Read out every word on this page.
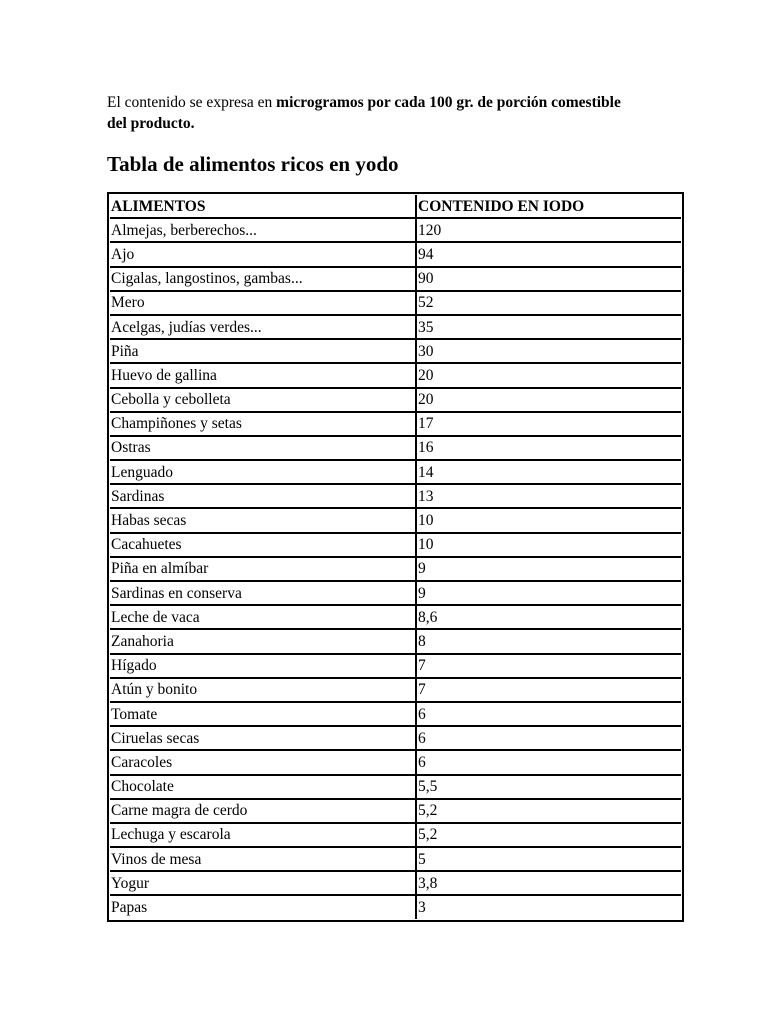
El contenido se expresa en microgramos por cada 100 gr. de porción comestible del producto.

Tabla de alimentos ricos en yodo
ALIMENTOS	CONTENIDO EN IODO
Almejas, berberechos...	120
Ajo	94
Cigalas, langostinos, gambas...	90
Mero	52
Acelgas, judías verdes...	35
Piña	30
Huevo de gallina	20
Cebolla y cebolleta	20
Champiñones y setas	17
Ostras	16
Lenguado	14
Sardinas	13
Habas secas	10
Cacahuetes	10
Piña en almíbar	9
Sardinas en conserva	9
Leche de vaca	8,6
Zanahoria	8
Hígado	7
Atún y bonito	7
Tomate	6
Ciruelas secas	6
Caracoles	6
Chocolate	5,5
Carne magra de cerdo	5,2
Lechuga y escarola	5,2
Vinos de mesa	5
Yogur	3,8
Papas	3
